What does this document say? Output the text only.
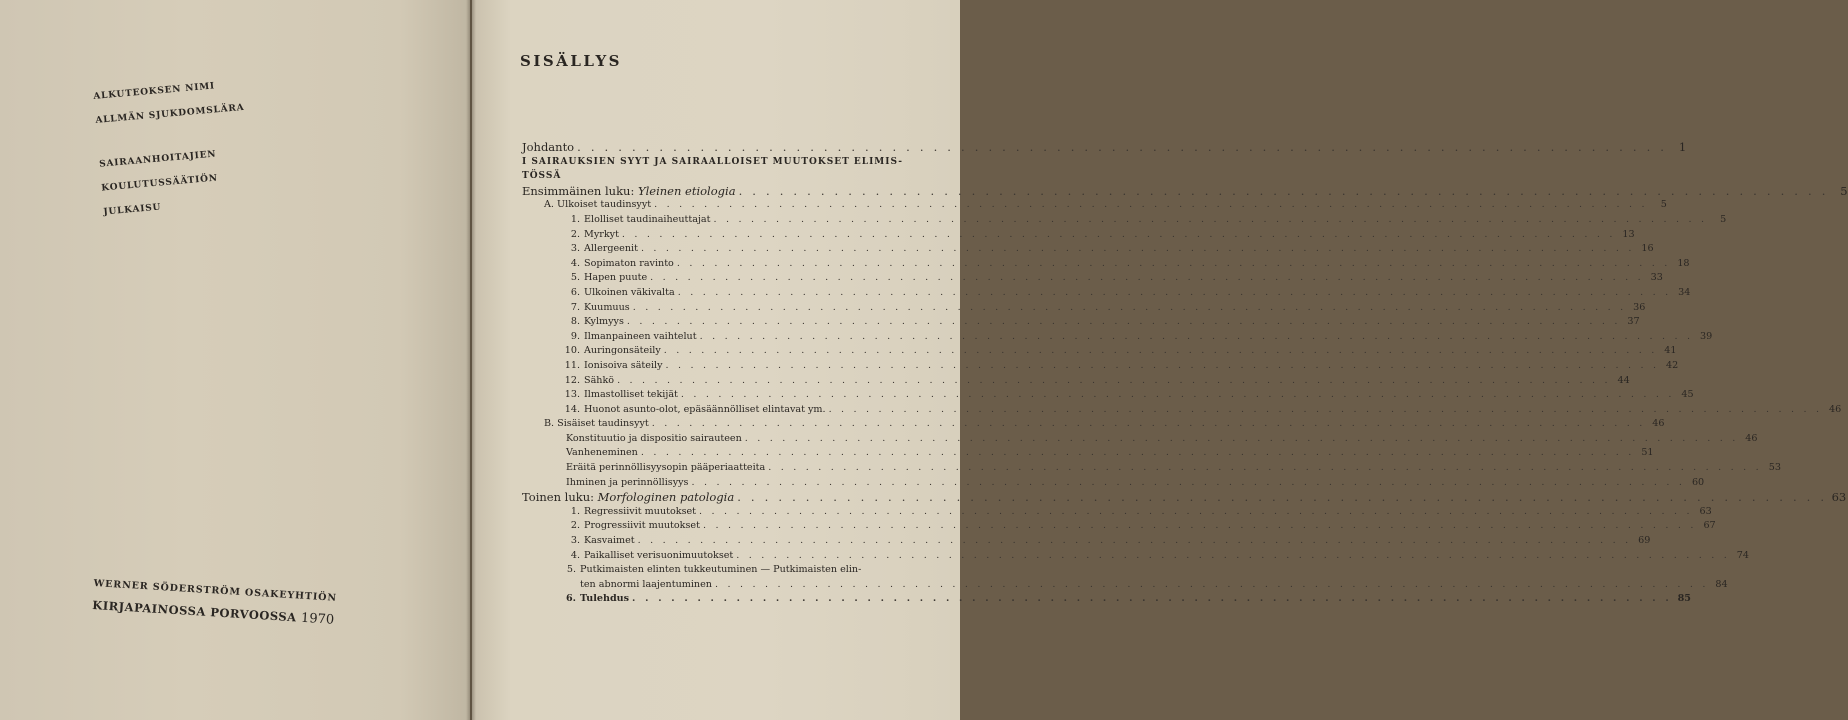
ALKUTEOKSEN NIMI
ALLMÄN SJUKDOMSLÄRA
SAIRAANHOITAJIEN
KOULUTUSSÄÄTIÖN
JULKAISU
WERNER SÖDERSTRÖM OSAKEYHTIÖN
KIRJAPAINOSSA PORVOOSSA 1970
SISÄLLYS
Johdanto . . . . . . . . . . . . . . . . . . . . . . . . . . . . . . . . . . . . . . . . . . . . . . . . . . . . . . . . . . . . . . . . . . . . . . . . . . . . . . . .	1
I SAIRAUKSIEN SYYT JA SAIRAALLOISET MUUTOKSET ELIMIS-
TÖSSÄ
Ensimmäinen luku: Yleinen etiologia . . . . . . . . . . . . . . . . . . . . . . . . . . . . . . . . . . . . . . . . . . . . . . . . . . . . . . . . . . . . . . . . . . . . . . . . . . . . . . . .	5
A. Ulkoiset taudinsyyt . . . . . . . . . . . . . . . . . . . . . . . . . . . . . . . . . . . . . . . . . . . . . . . . . . . . . . . . . . . . . . . . . . . . . . . . . . . . . . . .	5
1. Elolliset taudinaiheuttajat . . . . . . . . . . . . . . . . . . . . . . . . . . . . . . . . . . . . . . . . . . . . . . . . . . . . . . . . . . . . . . . . . . . . . . . . . . . . . . . .	5
2. Myrkyt . . . . . . . . . . . . . . . . . . . . . . . . . . . . . . . . . . . . . . . . . . . . . . . . . . . . . . . . . . . . . . . . . . . . . . . . . . . . . . . . 13
3. Allergeenit . . . . . . . . . . . . . . . . . . . . . . . . . . . . . . . . . . . . . . . . . . . . . . . . . . . . . . . . . . . . . . . . . . . . . . . . . . . . . . . . 16
4. Sopimaton ravinto . . . . . . . . . . . . . . . . . . . . . . . . . . . . . . . . . . . . . . . . . . . . . . . . . . . . . . . . . . . . . . . . . . . . . . . . . . . . . . . . 18
5. Hapen puute . . . . . . . . . . . . . . . . . . . . . . . . . . . . . . . . . . . . . . . . . . . . . . . . . . . . . . . . . . . . . . . . . . . . . . . . . . . . . . . . 33
6. Ulkoinen väkivalta . . . . . . . . . . . . . . . . . . . . . . . . . . . . . . . . . . . . . . . . . . . . . . . . . . . . . . . . . . . . . . . . . . . . . . . . . . . . . . . . 34
7. Kuumuus . . . . . . . . . . . . . . . . . . . . . . . . . . . . . . . . . . . . . . . . . . . . . . . . . . . . . . . . . . . . . . . . . . . . . . . . . . . . . . . . 36
8. Kylmyys . . . . . . . . . . . . . . . . . . . . . . . . . . . . . . . . . . . . . . . . . . . . . . . . . . . . . . . . . . . . . . . . . . . . . . . . . . . . . . . . 37
9. Ilmanpaineen vaihtelut . . . . . . . . . . . . . . . . . . . . . . . . . . . . . . . . . . . . . . . . . . . . . . . . . . . . . . . . . . . . . . . . . . . . . . . . . . . . . . . . 39
10. Auringonsäteily . . . . . . . . . . . . . . . . . . . . . . . . . . . . . . . . . . . . . . . . . . . . . . . . . . . . . . . . . . . . . . . . . . . . . . . . . . . . . . . . 41
11. Ionisoiva säteily . . . . . . . . . . . . . . . . . . . . . . . . . . . . . . . . . . . . . . . . . . . . . . . . . . . . . . . . . . . . . . . . . . . . . . . . . . . . . . . . 42
12. Sähkö . . . . . . . . . . . . . . . . . . . . . . . . . . . . . . . . . . . . . . . . . . . . . . . . . . . . . . . . . . . . . . . . . . . . . . . . . . . . . . . . 44
13. Ilmastolliset tekijät . . . . . . . . . . . . . . . . . . . . . . . . . . . . . . . . . . . . . . . . . . . . . . . . . . . . . . . . . . . . . . . . . . . . . . . . . . . . . . . . 45
14. Huonot asunto-olot, epäsäännölliset elintavat ym. . . . . . . . . . . . . . . . . . . . . . . . . . . . . . . . . . . . . . . . . . . . . . . . . . . . . . . . . . . . . . . . . . . . . . . . . . . . . . . . . 46
B. Sisäiset taudinsyyt . . . . . . . . . . . . . . . . . . . . . . . . . . . . . . . . . . . . . . . . . . . . . . . . . . . . . . . . . . . . . . . . . . . . . . . . . . . . . . . . 46
Konstituutio ja dispositio sairauteen . . . . . . . . . . . . . . . . . . . . . . . . . . . . . . . . . . . . . . . . . . . . . . . . . . . . . . . . . . . . . . . . . . . . . . . . . . . . . . . . 46
Vanheneminen . . . . . . . . . . . . . . . . . . . . . . . . . . . . . . . . . . . . . . . . . . . . . . . . . . . . . . . . . . . . . . . . . . . . . . . . . . . . . . . . 51
Eräitä perinnöllisyysopin pääperiaatteita . . . . . . . . . . . . . . . . . . . . . . . . . . . . . . . . . . . . . . . . . . . . . . . . . . . . . . . . . . . . . . . . . . . . . . . . . . . . . . . . 53
Ihminen ja perinnöllisyys . . . . . . . . . . . . . . . . . . . . . . . . . . . . . . . . . . . . . . . . . . . . . . . . . . . . . . . . . . . . . . . . . . . . . . . . . . . . . . . . 60
Toinen luku: Morfologinen patologia . . . . . . . . . . . . . . . . . . . . . . . . . . . . . . . . . . . . . . . . . . . . . . . . . . . . . . . . . . . . . . . . . . . . . . . . . . . . . . . . 63
1. Regressiivit muutokset . . . . . . . . . . . . . . . . . . . . . . . . . . . . . . . . . . . . . . . . . . . . . . . . . . . . . . . . . . . . . . . . . . . . . . . . . . . . . . . . 63
2. Progressiivit muutokset . . . . . . . . . . . . . . . . . . . . . . . . . . . . . . . . . . . . . . . . . . . . . . . . . . . . . . . . . . . . . . . . . . . . . . . . . . . . . . . . 67
3. Kasvaimet . . . . . . . . . . . . . . . . . . . . . . . . . . . . . . . . . . . . . . . . . . . . . . . . . . . . . . . . . . . . . . . . . . . . . . . . . . . . . . . . 69
4. Paikalliset verisuonimuutokset . . . . . . . . . . . . . . . . . . . . . . . . . . . . . . . . . . . . . . . . . . . . . . . . . . . . . . . . . . . . . . . . . . . . . . . . . . . . . . . . 74
5. Putkimaisten elinten tukkeutuminen — Putkimaisten elin-
ten abnormi laajentuminen . . . . . . . . . . . . . . . . . . . . . . . . . . . . . . . . . . . . . . . . . . . . . . . . . . . . . . . . . . . . . . . . . . . . . . . . . . . . . . . . 84
6. Tulehdus . . . . . . . . . . . . . . . . . . . . . . . . . . . . . . . . . . . . . . . . . . . . . . . . . . . . . . . . . . . . . . . . . . . . . . . . . . . . . . . . 85
